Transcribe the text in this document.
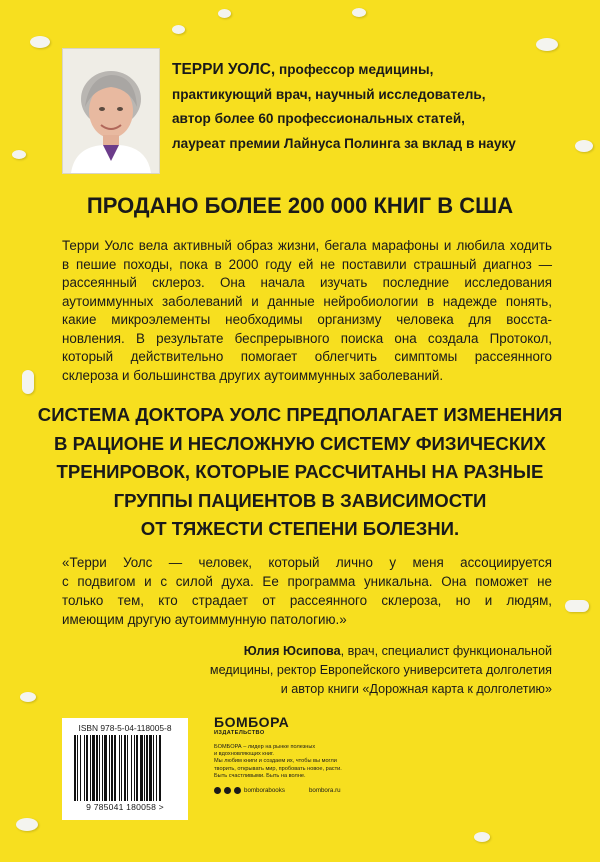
ТЕРРИ УОЛС, профессор медицины,
практикующий врач, научный исследователь,
автор более 60 профессиональных статей,
лауреат премии Лайнуса Полинга за вклад в науку
ПРОДАНО БОЛЕЕ 200 000 КНИГ В США
Терри Уолс вела активный образ жизни, бегала марафоны и любила ходить
в пешие походы, пока в 2000 году ей не поставили страшный диагноз —
рассеянный склероз. Она начала изучать последние исследования
аутоиммунных заболеваний и данные нейробиологии в надежде понять,
какие микроэлементы необходимы организму человека для восста-
новления. В результате беспрерывного поиска она создала Протокол,
который действительно помогает облегчить симптомы рассеянного
склероза и большинства других аутоиммунных заболеваний.
СИСТЕМА ДОКТОРА УОЛС ПРЕДПОЛАГАЕТ ИЗМЕНЕНИЯ
В РАЦИОНЕ И НЕСЛОЖНУЮ СИСТЕМУ ФИЗИЧЕСКИХ
ТРЕНИРОВОК, КОТОРЫЕ РАССЧИТАНЫ НА РАЗНЫЕ
ГРУППЫ ПАЦИЕНТОВ В ЗАВИСИМОСТИ
ОТ ТЯЖЕСТИ СТЕПЕНИ БОЛЕЗНИ.
«Терри Уолс — человек, который лично у меня ассоциируется
с подвигом и с силой духа. Ее программа уникальна. Она поможет не
только тем, кто страдает от рассеянного склероза, но и людям,
имеющим другую аутоиммунную патологию.»
Юлия Юсипова, врач, специалист функциональной
медицины, ректор Европейского университета долголетия
и автор книги «Дорожная карта к долголетию»
ISBN 978-5-04-118005-8
9 785041 180058 >
БОМБОРА
ИЗДАТЕЛЬСТВО
БОМБОРА – лидер на рынке полезных
и вдохновляющих книг.
Мы любим книги и создаем их, чтобы вы могли
творить, открывать мир, пробовать новое, расти.
Быть счастливыми. Быть на волне.
bomborabooks	bombora.ru
